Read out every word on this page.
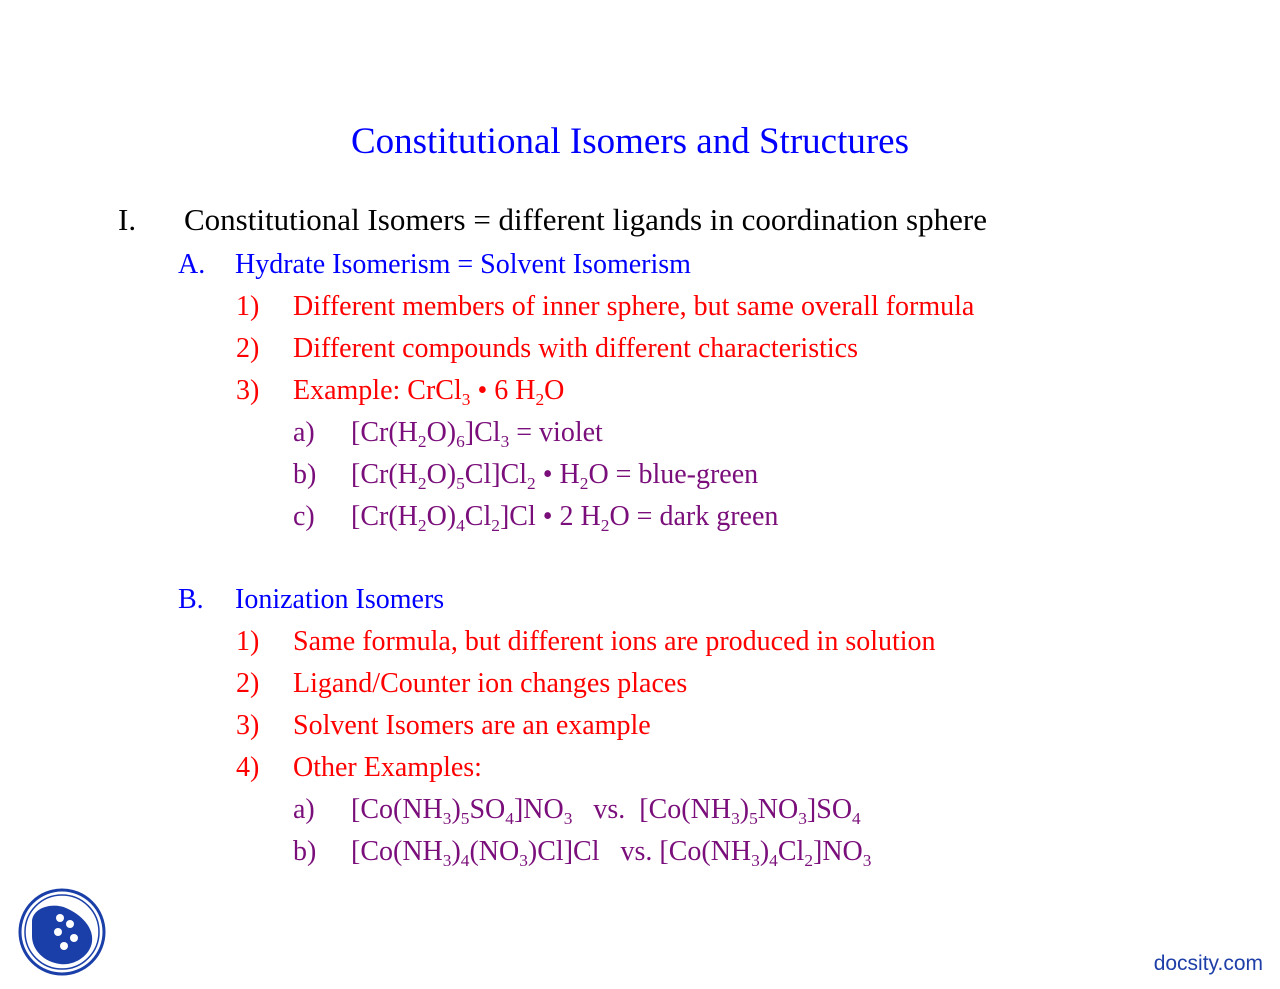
Constitutional Isomers and Structures
I. Constitutional Isomers = different ligands in coordination sphere
A. Hydrate Isomerism = Solvent Isomerism
1) Different members of inner sphere, but same overall formula
2) Different compounds with different characteristics
3) Example: CrCl$_3$ • 6 $H_2O$
a) $[Cr(H_2O)_6]Cl_3$ = violet
b) $[Cr(H_2O)_5Cl]Cl_2$ • $H_2O$ = blue-green
c) $[Cr(H_2O)_4Cl_2]Cl$ • 2 $H_2O$ = dark green
B. Ionization Isomers
1) Same formula, but different ions are produced in solution
2) Ligand/Counter ion changes places
3) Solvent Isomers are an example
4) Other Examples:
a) $[Co(NH_3)_5SO_4]NO_3$   vs.  $[Co(NH_3)_5NO_3]SO_4$
b) $[Co(NH_3)_4(NO_3)Cl]Cl$   vs. $[Co(NH_3)_4Cl_2]NO_3$
docsity.com
